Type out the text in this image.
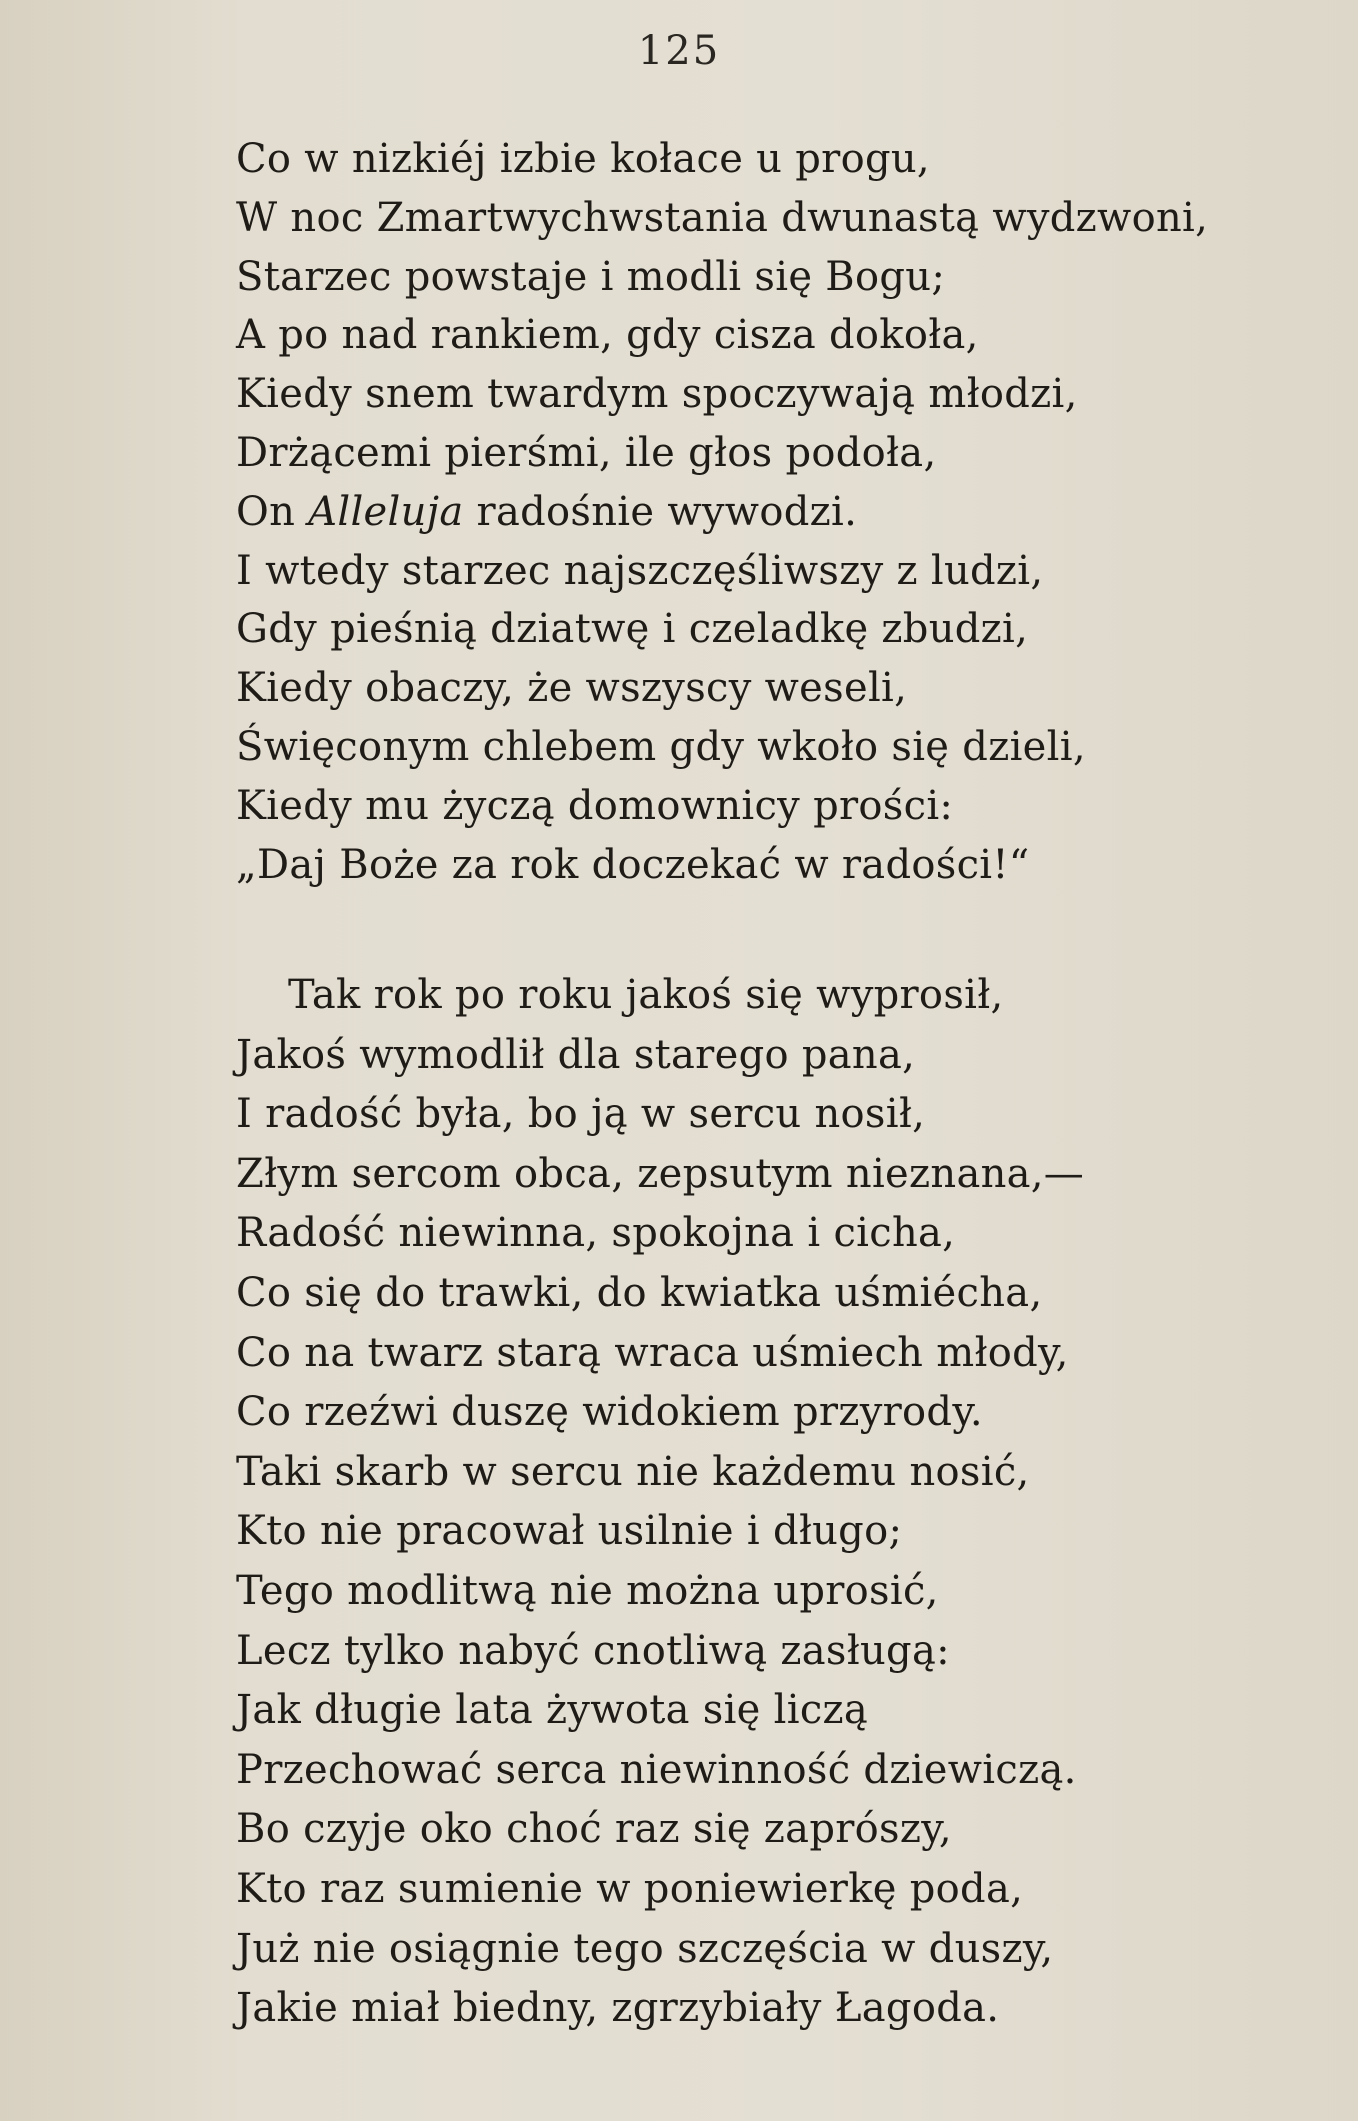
125
Co w nizkiéj izbie kołace u progu,
W noc Zmartwychwstania dwunastą wydzwoni,
Starzec powstaje i modli się Bogu;
A po nad rankiem, gdy cisza dokoła,
Kiedy snem twardym spoczywają młodzi,
Drżącemi pierśmi, ile głos podoła,
On Alleluja radośnie wywodzi.
I wtedy starzec najszczęśliwszy z ludzi,
Gdy pieśnią dziatwę i czeladkę zbudzi,
Kiedy obaczy, że wszyscy weseli,
Święconym chlebem gdy wkoło się dzieli,
Kiedy mu życzą domownicy prości:
„Daj Boże za rok doczekać w radości!“
Tak rok po roku jakoś się wyprosił,
Jakoś wymodlił dla starego pana,
I radość była, bo ją w sercu nosił,
Złym sercom obca, zepsutym nieznana,—
Radość niewinna, spokojna i cicha,
Co się do trawki, do kwiatka uśmiécha,
Co na twarz starą wraca uśmiech młody,
Co rzeźwi duszę widokiem przyrody.
Taki skarb w sercu nie każdemu nosić,
Kto nie pracował usilnie i długo;
Tego modlitwą nie można uprosić,
Lecz tylko nabyć cnotliwą zasługą:
Jak długie lata żywota się liczą
Przechować serca niewinność dziewiczą.
Bo czyje oko choć raz się zaprószy,
Kto raz sumienie w poniewierkę poda,
Już nie osiągnie tego szczęścia w duszy,
Jakie miał biedny, zgrzybiały Łagoda.
